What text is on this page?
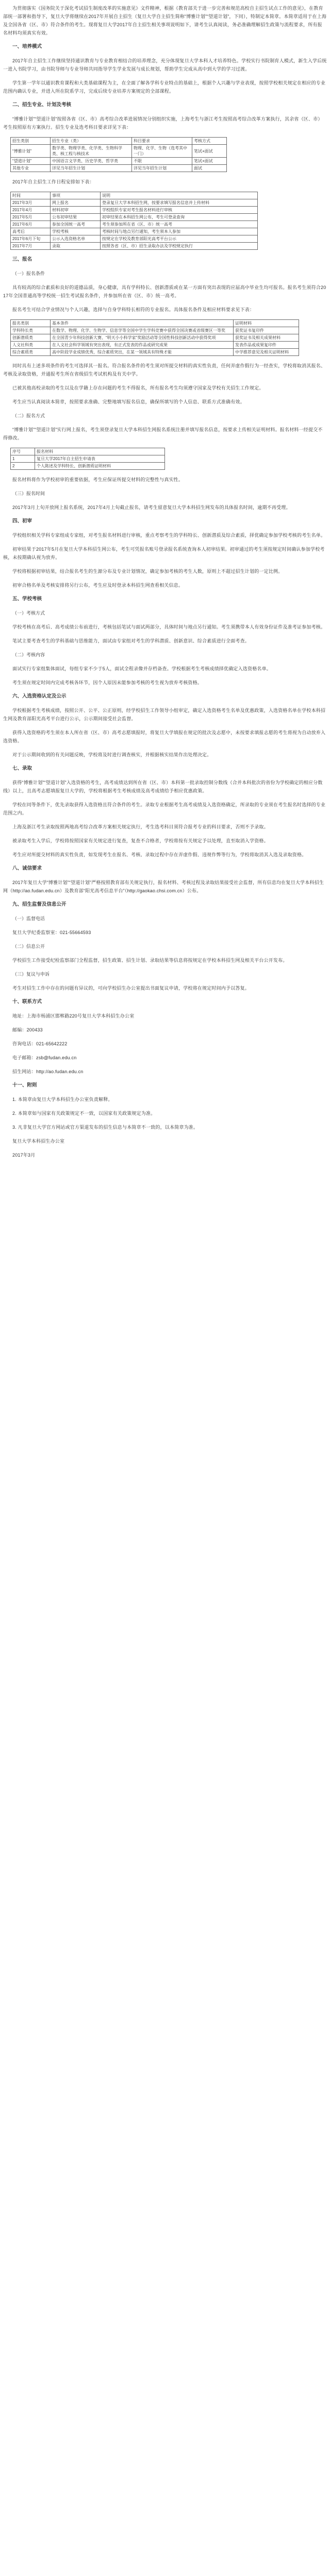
为贯彻落实《国务院关于深化考试招生制度改革的实施意见》文件精神，根据《教育部关于进一步完善和规范高校自主招生试点工作的意见》，在教育部统一部署和指导下，复旦大学将继续在2017年开展自主招生（复旦大学自主招生简称“博雅计划”“望道计划”，下同），特制定本简章。本简章适用于在上海及全国各省（区、市）符合条件的考生。现将复旦大学2017年自主招生相关事项说明如下，请考生认真阅读，务必准确理解招生政策与流程要求，所有报名材料均须真实有效。

一、培养模式

2017年自主招生工作继续坚持通识教育与专业教育相结合的培养理念，充分体现复旦大学本科人才培养特色。学校实行书院制育人模式，新生入学后统一进入书院学习，由书院导师与专业导师共同指导学生学业发展与成长规划，帮助学生完成从高中到大学的学习过渡。

学生第一学年以通识教育课程和大类基础课程为主，在全面了解各学科专业特点的基础上，根据个人兴趣与学业表现，按照学校相关规定在相应的专业范围内确认专业，并进入所在院系学习，完成后续专业培养方案规定的全部课程。

二、招生专业、计划及考核

“博雅计划”“望道计划”按照各省（区、市）高考综合改革进展情况分别组织实施，上海考生与浙江考生按照高考综合改革方案执行，其余省（区、市）考生按照原有方案执行。招生专业及选考科目要求详见下表：

招生类别	招生专业（类）	科目要求	考核方式
“博雅计划”	数学类、物理学类、化学类、生物科学类、核工程与核技术	物理、化学、生物（选考其中一门）	笔试+面试
“望道计划”	中国语言文学类、历史学类、哲学类	不限	笔试+面试
其他专业	详见当年招生计划	详见当年招生计划	面试

2017年自主招生工作日程安排如下表：

时间	事项	说明
2017年3月	网上报名	登录复旦大学本科招生网，按要求填写报名信息并上传材料
2017年4月	材料初审	学校组织专家对考生报名材料进行审核
2017年5月	公布初审结果	初审结果在本科招生网公布，考生可登录查询
2017年6月	参加全国统一高考	考生须参加所在省（区、市）统一高考
高考后	学校考核	考核时间与地点另行通知，考生须本人参加
2017年6月下旬	公示入选资格名单	按规定在学校及教育部阳光高考平台公示
2017年7月	录取	按照各省（区、市）招生录取办法及学校规定执行

三、报名

（一）报名条件

具有较高的综合素质和良好的道德品质，身心健康，具有学科特长、创新潜质或在某一方面有突出表现的应届高中毕业生均可报名。报名考生须符合2017年全国普通高等学校统一招生考试报名条件，并参加所在省（区、市）统一高考。

报名考生可结合学业情况与个人兴趣，选择与自身学科特长相符的专业报名。具体报名条件及相应材料要求见下表：

报名类别	基本条件	证明材料
学科特长类	在数学、物理、化学、生物学、信息学等全国中学生学科竞赛中获得全国决赛或省级赛区一等奖	获奖证书复印件
创新潜质类	在全国青少年科技创新大赛、“明天小小科学家”奖励活动等全国性科技创新活动中获得奖项	获奖证书及相关成果材料
人文社科类	在人文社会科学领域有突出表现，有正式发表的作品或研究成果	发表作品或成果复印件
综合素质类	高中阶段学业成绩优秀，综合素质突出，在某一领域具有特殊才能	中学推荐意见及相关证明材料

同时具有上述多项条件的考生可选择其一报名。符合报名条件的考生须对所提交材料的真实性负责，任何弄虚作假行为一经查实，学校将取消其报名、考核及录取资格，并通报考生所在省级招生考试机构及有关中学。

已被其他高校录取的考生以及在学籍上存在问题的考生不得报名，所有报名考生均须遵守国家及学校有关招生工作规定。

考生应当认真阅读本简章，按照要求准确、完整地填写报名信息，确保所填写的个人信息、联系方式准确有效。

（二）报名方式

“博雅计划”“望道计划”实行网上报名，考生须登录复旦大学本科招生网报名系统注册并填写报名信息，按要求上传相关证明材料。报名材料一经提交不得修改。

序号	报名材料
1	复旦大学2017年自主招生申请表
2	个人陈述及学科特长、创新潜质证明材料

报名材料将作为学校初审的重要依据，考生应保证所提交材料的完整性与真实性。

（三）报名时间

2017年3月上旬开放网上报名系统，2017年4月上旬截止报名，请考生留意复旦大学本科招生网发布的具体报名时间，逾期不再受理。

四、初审

学校组织相关学科专家组成专家组，对考生报名材料进行审核，重点考察考生的学科特长、创新潜质及综合素质，择优确定参加学校考核的考生名单。

初审结果于2017年5月在复旦大学本科招生网公布，考生可凭报名账号登录报名系统查询本人初审结果。初审通过的考生须按规定时间确认参加学校考核，未按期确认视为放弃。

学校将根据初审结果，结合报名考生的生源分布及专业计划情况，确定参加考核的考生人数，原则上不超过招生计划的一定比例。

初审合格名单及考核安排将另行公布，考生应及时登录本科招生网查看相关信息。

五、学校考核

（一）考核方式

学校考核在高考后、高考成绩公布前进行，考核包括笔试与面试两部分，具体时间与地点另行通知。考生须携带本人有效身份证件及准考证参加考核。

笔试主要考查考生的学科基础与思维能力，面试由专家组对考生的学科潜质、创新意识、综合素质进行全面考查。

（二）考核内容

面试实行专家组集体面试，每组专家不少于5人，面试全程录像并存档备查。学校根据考生考核成绩择优确定入选资格名单。

考生须在规定时间内完成考核各环节，因个人原因未能参加考核的考生视为放弃考核资格。

六、入选资格认定及公示

学校根据考生考核成绩，按照公开、公平、公正原则，经学校招生工作领导小组审定，确定入选资格考生名单及优惠政策，入选资格名单在学校本科招生网及教育部阳光高考平台进行公示，公示期间接受社会监督。

获得入选资格的考生须在本人所在省（区、市）高考志愿填报时，将复旦大学填报在规定的批次及志愿中，未按要求填报志愿的考生将视为自动放弃入选资格。

对于公示期间收到的有关问题反映，学校将及时进行调查核实，并根据核实结果作出处理决定。

七、录取

获得“博雅计划”“望道计划”入选资格的考生，高考成绩达到所在省（区、市）本科第一批录取控制分数线（合并本科批次的省份为学校确定的相应分数线）以上，且高考志愿填报复旦大学的，学校将根据考生考核成绩及高考成绩给予相应优惠政策。

学校在同等条件下，优先录取获得入选资格且符合条件的考生。录取专业根据考生高考成绩及入选资格确定，所录取的专业须在考生报名时选择的专业范围之内。

上海及浙江考生录取按照两地高考综合改革方案相关规定执行，考生选考科目须符合报考专业的科目要求，否则不予录取。

被录取考生入学后，学校将按照国家有关规定进行复查，复查不合格者，学校将按有关规定予以处理，直至取消入学资格。

考生应对所提交材料的真实性负责，如发现考生在报名、考核、录取过程中存在弄虚作假、违规作弊等行为，学校将取消其入选及录取资格。

八、诚信要求

2017年复旦大学“博雅计划”“望道计划”严格按照教育部有关规定执行，报名材料、考核过程及录取结果接受社会监督，所有信息均在复旦大学本科招生网（http://ao.fudan.edu.cn）及教育部“阳光高考信息平台”（http://gaokao.chsi.com.cn）公布。

九、招生监督及信息公开

（一）监督电话

复旦大学纪委监察室：021-55664593

（二）信息公开

学校招生工作接受纪检监察部门全程监督，招生政策、招生计划、录取结果等信息将按规定在学校本科招生网及相关平台公开发布。

（三）复议与申诉

考生对招生工作中存在的问题有异议的，可向学校招生办公室提出书面复议申请，学校将在规定时间内予以答复。

十、联系方式

地址：上海市杨浦区邯郸路220号复旦大学本科招生办公室

邮编：200433

咨询电话：021-65642222

电子邮箱：zsb@fudan.edu.cn

招生网站：http://ao.fudan.edu.cn

十一、附则

1. 本简章由复旦大学本科招生办公室负责解释。

2. 本简章如与国家有关政策规定不一致，以国家有关政策规定为准。

3. 凡非复旦大学官方网站或官方渠道发布的招生信息与本简章不一致的，以本简章为准。

复旦大学本科招生办公室

2017年3月
